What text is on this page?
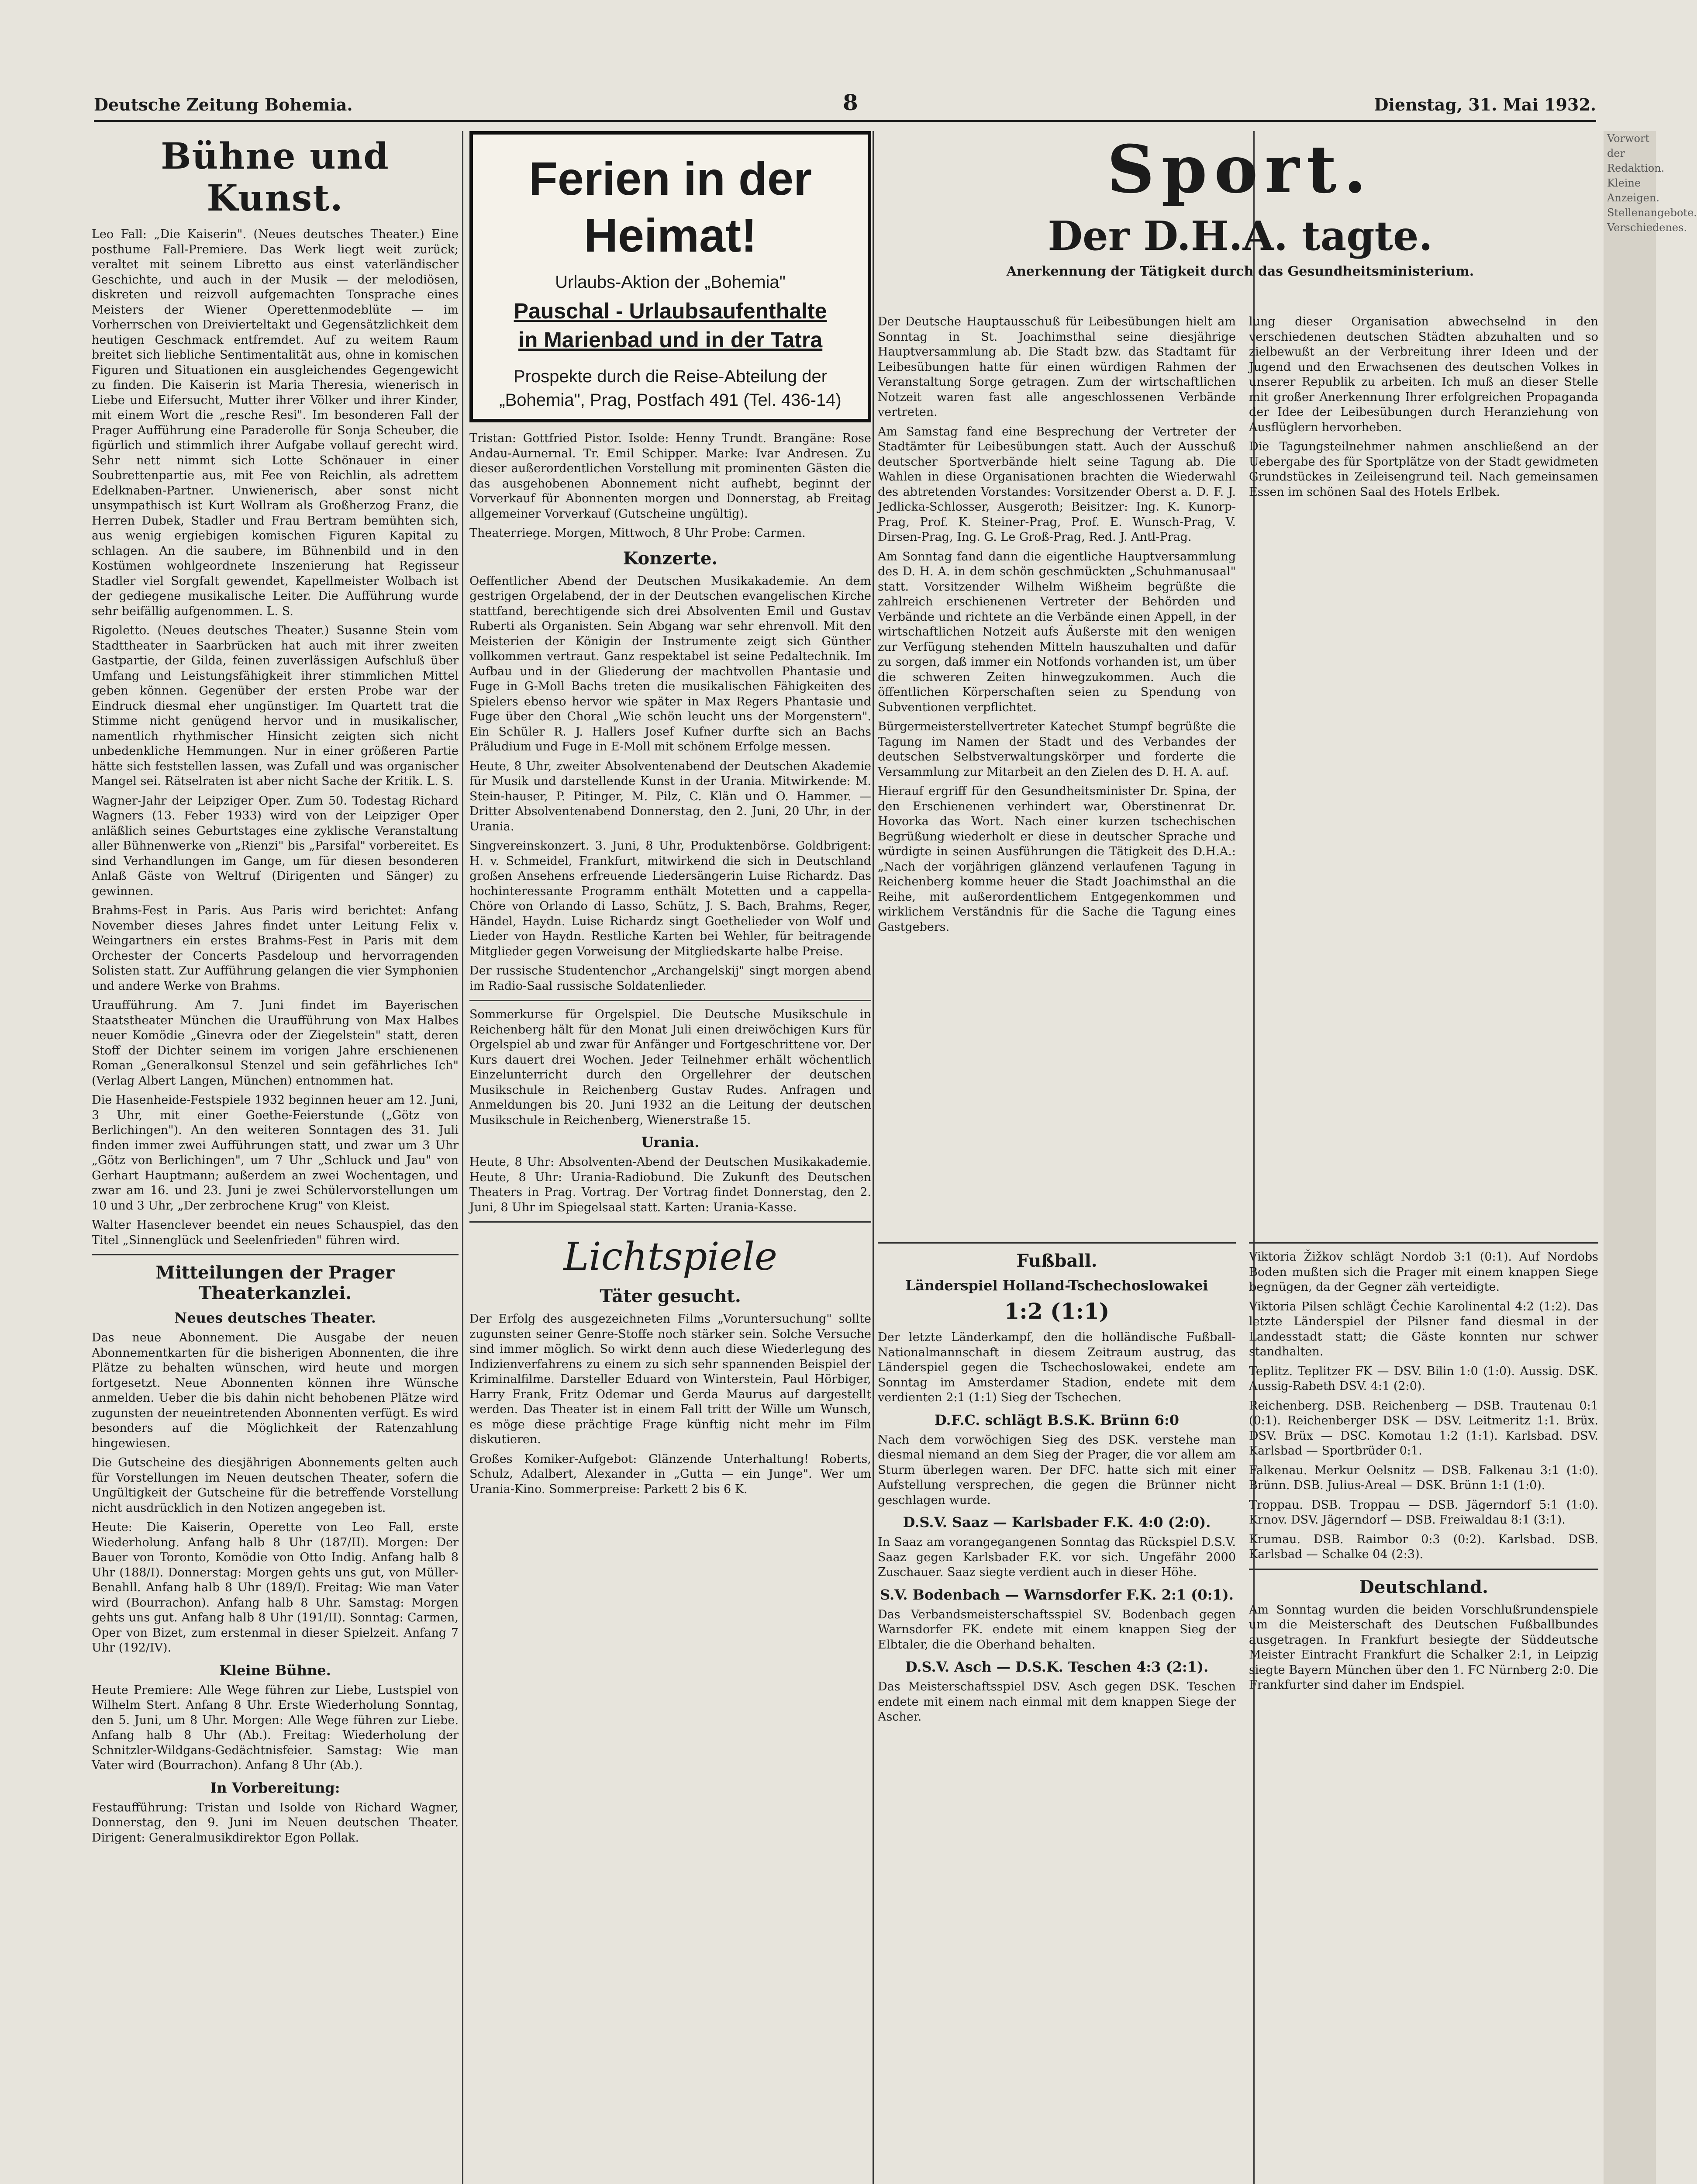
Deutsche Zeitung Bohemia.	8	Dienstag, 31. Mai 1932.
Bühne und Kunst.

Leo Fall: „Die Kaiserin". (Neues deutsches Theater.) Eine posthume Fall-Premiere. Das Werk liegt weit zurück; veraltet mit seinem Libretto aus einst vaterländischer Geschichte, und auch in der Musik — der melodiösen, diskreten und reizvoll aufgemachten Tonsprache eines Meisters der Wiener Operettenmodeblüte — im Vorherrschen von Dreivierteltakt und Gegensätzlichkeit dem heutigen Geschmack entfremdet. Auf zu weitem Raum breitet sich liebliche Sentimentalität aus, ohne in komischen Figuren und Situationen ein ausgleichendes Gegengewicht zu finden. Die Kaiserin ist Maria Theresia, wienerisch in Liebe und Eifersucht, Mutter ihrer Völker und ihrer Kinder, mit einem Wort die „resche Resi". Im besonderen Fall der Prager Aufführung eine Paraderolle für Sonja Scheuber, die figürlich und stimmlich ihrer Aufgabe vollauf gerecht wird. Sehr nett nimmt sich Lotte Schönauer in einer Soubrettenpartie aus, mit Fee von Reichlin, als adrettem Edelknaben-Partner. Unwienerisch, aber sonst nicht unsympathisch ist Kurt Wollram als Großherzog Franz, die Herren Dubek, Stadler und Frau Bertram bemühten sich, aus wenig ergiebigen komischen Figuren Kapital zu schlagen. An die saubere, im Bühnenbild und in den Kostümen wohlgeordnete Inszenierung hat Regisseur Stadler viel Sorgfalt gewendet, Kapellmeister Wolbach ist der gediegene musikalische Leiter. Die Aufführung wurde sehr beifällig aufgenommen. L. S.

Rigoletto. (Neues deutsches Theater.) Susanne Stein vom Stadttheater in Saarbrücken hat auch mit ihrer zweiten Gastpartie, der Gilda, feinen zuverlässigen Aufschluß über Umfang und Leistungsfähigkeit ihrer stimmlichen Mittel geben können. Gegenüber der ersten Probe war der Eindruck diesmal eher ungünstiger. Im Quartett trat die Stimme nicht genügend hervor und in musikalischer, namentlich rhythmischer Hinsicht zeigten sich nicht unbedenkliche Hemmungen. Nur in einer größeren Partie hätte sich feststellen lassen, was Zufall und was organischer Mangel sei. Rätselraten ist aber nicht Sache der Kritik. L. S.

Wagner-Jahr der Leipziger Oper. Zum 50. Todestag Richard Wagners (13. Feber 1933) wird von der Leipziger Oper anläßlich seines Geburtstages eine zyklische Veranstaltung aller Bühnenwerke von „Rienzi" bis „Parsifal" vorbereitet. Es sind Verhandlungen im Gange, um für diesen besonderen Anlaß Gäste von Weltruf (Dirigenten und Sänger) zu gewinnen.

Brahms-Fest in Paris. Aus Paris wird berichtet: Anfang November dieses Jahres findet unter Leitung Felix v. Weingartners ein erstes Brahms-Fest in Paris mit dem Orchester der Concerts Pasdeloup und hervorragenden Solisten statt. Zur Aufführung gelangen die vier Symphonien und andere Werke von Brahms.

Uraufführung. Am 7. Juni findet im Bayerischen Staatstheater München die Uraufführung von Max Halbes neuer Komödie „Ginevra oder der Ziegelstein" statt, deren Stoff der Dichter seinem im vorigen Jahre erschienenen Roman „Generalkonsul Stenzel und sein gefährliches Ich" (Verlag Albert Langen, München) entnommen hat.

Die Hasenheide-Festspiele 1932 beginnen heuer am 12. Juni, 3 Uhr, mit einer Goethe-Feierstunde („Götz von Berlichingen"). An den weiteren Sonntagen des 31. Juli finden immer zwei Aufführungen statt, und zwar um 3 Uhr „Götz von Berlichingen", um 7 Uhr „Schluck und Jau" von Gerhart Hauptmann; außerdem an zwei Wochentagen, und zwar am 16. und 23. Juni je zwei Schülervorstellungen um 10 und 3 Uhr, „Der zerbrochene Krug" von Kleist.

Walter Hasenclever beendet ein neues Schauspiel, das den Titel „Sinnenglück und Seelenfrieden" führen wird.

Mitteilungen der Prager Theaterkanzlei.
Neues deutsches Theater.

Das neue Abonnement. Die Ausgabe der neuen Abonnementkarten für die bisherigen Abonnenten, die ihre Plätze zu behalten wünschen, wird heute und morgen fortgesetzt. Neue Abonnenten können ihre Wünsche anmelden. Ueber die bis dahin nicht behobenen Plätze wird zugunsten der neueintretenden Abonnenten verfügt. Es wird besonders auf die Möglichkeit der Ratenzahlung hingewiesen.

Die Gutscheine des diesjährigen Abonnements gelten auch für Vorstellungen im Neuen deutschen Theater, sofern die Ungültigkeit der Gutscheine für die betreffende Vorstellung nicht ausdrücklich in den Notizen angegeben ist.

Heute: Die Kaiserin, Operette von Leo Fall, erste Wiederholung. Anfang halb 8 Uhr (187/II). Morgen: Der Bauer von Toronto, Komödie von Otto Indig. Anfang halb 8 Uhr (188/I). Donnerstag: Morgen gehts uns gut, von Müller-Benahll. Anfang halb 8 Uhr (189/I). Freitag: Wie man Vater wird (Bourrachon). Anfang halb 8 Uhr. Samstag: Morgen gehts uns gut. Anfang halb 8 Uhr (191/II). Sonntag: Carmen, Oper von Bizet, zum erstenmal in dieser Spielzeit. Anfang 7 Uhr (192/IV).

Kleine Bühne.

Heute Premiere: Alle Wege führen zur Liebe, Lustspiel von Wilhelm Stert. Anfang 8 Uhr. Erste Wiederholung Sonntag, den 5. Juni, um 8 Uhr. Morgen: Alle Wege führen zur Liebe. Anfang halb 8 Uhr (Ab.). Freitag: Wiederholung der Schnitzler-Wildgans-Gedächtnisfeier. Samstag: Wie man Vater wird (Bourrachon). Anfang 8 Uhr (Ab.).

In Vorbereitung:

Festaufführung: Tristan und Isolde von Richard Wagner, Donnerstag, den 9. Juni im Neuen deutschen Theater. Dirigent: Generalmusikdirektor Egon Pollak.

Ferien in der Heimat!
Urlaubs-Aktion der „Bohemia"
Pauschal - Urlaubsaufenthalte
in Marienbad und in der Tatra
Prospekte durch die Reise-Abteilung der „Bohemia", Prag, Postfach 491 (Tel. 436-14)

Tristan: Gottfried Pistor. Isolde: Henny Trundt. Brangäne: Rose Andau-Aurnernal. Tr. Emil Schipper. Marke: Ivar Andresen. Zu dieser außerordentlichen Vorstellung mit prominenten Gästen die das ausgehobenen Abonnement nicht aufhebt, beginnt der Vorverkauf für Abonnenten morgen und Donnerstag, ab Freitag allgemeiner Vorverkauf (Gutscheine ungültig).

Theaterriege. Morgen, Mittwoch, 8 Uhr Probe: Carmen.

Konzerte.

Oeffentlicher Abend der Deutschen Musikakademie. An dem gestrigen Orgelabend, der in der Deutschen evangelischen Kirche stattfand, berechtigende sich drei Absolventen Emil und Gustav Ruberti als Organisten. Sein Abgang war sehr ehrenvoll. Mit den Meisterien der Königin der Instrumente zeigt sich Günther vollkommen vertraut. Ganz respektabel ist seine Pedaltechnik. Im Aufbau und in der Gliederung der machtvollen Phantasie und Fuge in G-Moll Bachs treten die musikalischen Fähigkeiten des Spielers ebenso hervor wie später in Max Regers Phantasie und Fuge über den Choral „Wie schön leucht uns der Morgenstern". Ein Schüler R. J. Hallers Josef Kufner durfte sich an Bachs Präludium und Fuge in E-Moll mit schönem Erfolge messen.

Heute, 8 Uhr, zweiter Absolventenabend der Deutschen Akademie für Musik und darstellende Kunst in der Urania. Mitwirkende: M. Stein-hauser, P. Pitinger, M. Pilz, C. Klän und O. Hammer. — Dritter Absolventenabend Donnerstag, den 2. Juni, 20 Uhr, in der Urania.

Singvereinskonzert. 3. Juni, 8 Uhr, Produktenbörse. Goldbrigent: H. v. Schmeidel, Frankfurt, mitwirkend die sich in Deutschland großen Ansehens erfreuende Liedersängerin Luise Richardz. Das hochinteressante Programm enthält Motetten und a cappella-Chöre von Orlando di Lasso, Schütz, J. S. Bach, Brahms, Reger, Händel, Haydn. Luise Richardz singt Goethelieder von Wolf und Lieder von Haydn. Restliche Karten bei Wehler, für beitragende Mitglieder gegen Vorweisung der Mitgliedskarte halbe Preise.

Der russische Studentenchor „Archangelskij" singt morgen abend im Radio-Saal russische Soldatenlieder.

Sommerkurse für Orgelspiel. Die Deutsche Musikschule in Reichenberg hält für den Monat Juli einen dreiwöchigen Kurs für Orgelspiel ab und zwar für Anfänger und Fortgeschrittene vor. Der Kurs dauert drei Wochen. Jeder Teilnehmer erhält wöchentlich Einzelunterricht durch den Orgellehrer der deutschen Musikschule in Reichenberg Gustav Rudes. Anfragen und Anmeldungen bis 20. Juni 1932 an die Leitung der deutschen Musikschule in Reichenberg, Wienerstraße 15.

Urania.

Heute, 8 Uhr: Absolventen-Abend der Deutschen Musikakademie. Heute, 8 Uhr: Urania-Radiobund. Die Zukunft des Deutschen Theaters in Prag. Vortrag. Der Vortrag findet Donnerstag, den 2. Juni, 8 Uhr im Spiegelsaal statt. Karten: Urania-Kasse.

Lichtspiele
Täter gesucht.

Der Erfolg des ausgezeichneten Films „Voruntersuchung" sollte zugunsten seiner Genre-Stoffe noch stärker sein. Solche Versuche sind immer möglich. So wirkt denn auch diese Wiederlegung des Indizienverfahrens zu einem zu sich sehr spannenden Beispiel der Kriminalfilme. Darsteller Eduard von Winterstein, Paul Hörbiger, Harry Frank, Fritz Odemar und Gerda Maurus auf dargestellt werden. Das Theater ist in einem Fall tritt der Wille um Wunsch, es möge diese prächtige Frage künftig nicht mehr im Film diskutieren.

Großes Komiker-Aufgebot: Glänzende Unterhaltung! Roberts, Schulz, Adalbert, Alexander in „Gutta — ein Junge". Wer um Urania-Kino. Sommerpreise: Parkett 2 bis 6 K.

Sport.
Der D.H.A. tagte.
Anerkennung der Tätigkeit durch das Gesundheitsministerium.

Der Deutsche Hauptausschuß für Leibesübungen hielt am Sonntag in St. Joachimsthal seine diesjährige Hauptversammlung ab. Die Stadt bzw. das Stadtamt für Leibesübungen hatte für einen würdigen Rahmen der Veranstaltung Sorge getragen. Zum der wirtschaftlichen Notzeit waren fast alle angeschlossenen Verbände vertreten.

Am Samstag fand eine Besprechung der Vertreter der Stadtämter für Leibesübungen statt. Auch der Ausschuß deutscher Sportverbände hielt seine Tagung ab. Die Wahlen in diese Organisationen brachten die Wiederwahl des abtretenden Vorstandes: Vorsitzender Oberst a. D. F. J. Jedlicka-Schlosser, Ausgeroth; Beisitzer: Ing. K. Kunorp-Prag, Prof. K. Steiner-Prag, Prof. E. Wunsch-Prag, V. Dirsen-Prag, Ing. G. Le Groß-Prag, Red. J. Antl-Prag.

Am Sonntag fand dann die eigentliche Hauptversammlung des D. H. A. in dem schön geschmückten „Schuhmanusaal" statt. Vorsitzender Wilhelm Wißheim begrüßte die zahlreich erschienenen Vertreter der Behörden und Verbände und richtete an die Verbände einen Appell, in der wirtschaftlichen Notzeit aufs Äußerste mit den wenigen zur Verfügung stehenden Mitteln hauszuhalten und dafür zu sorgen, daß immer ein Notfonds vorhanden ist, um über die schweren Zeiten hinwegzukommen. Auch die öffentlichen Körperschaften seien zu Spendung von Subventionen verpflichtet.

Bürgermeisterstellvertreter Katechet Stumpf begrüßte die Tagung im Namen der Stadt und des Verbandes der deutschen Selbstverwaltungskörper und forderte die Versammlung zur Mitarbeit an den Zielen des D. H. A. auf.

Hierauf ergriff für den Gesundheitsminister Dr. Spina, der den Erschienenen verhindert war, Oberstinenrat Dr. Hovorka das Wort. Nach einer kurzen tschechischen Begrüßung wiederholt er diese in deutscher Sprache und würdigte in seinen Ausführungen die Tätigkeit des D.H.A.: „Nach der vorjährigen glänzend verlaufenen Tagung in Reichenberg komme heuer die Stadt Joachimsthal an die Reihe, mit außerordentlichem Entgegenkommen und wirklichem Verständnis für die Sache die Tagung eines Gastgebers.

lung dieser Organisation abwechselnd in den verschiedenen deutschen Städten abzuhalten und so zielbewußt an der Verbreitung ihrer Ideen und der Jugend und den Erwachsenen des deutschen Volkes in unserer Republik zu arbeiten. Ich muß an dieser Stelle mit großer Anerkennung Ihrer erfolgreichen Propaganda der Idee der Leibesübungen durch Heranziehung von Ausflüglern hervorheben.

Die Tagungsteilnehmer nahmen anschließend an der Uebergabe des für Sportplätze von der Stadt gewidmeten Grundstückes in Zeileisengrund teil. Nach gemeinsamen Essen im schönen Saal des Hotels Erlbek.

Fußball.
Länderspiel Holland-Tschechoslowakei
1:2 (1:1)

Der letzte Länderkampf, den die holländische Fußball-Nationalmannschaft in diesem Zeitraum austrug, das Länderspiel gegen die Tschechoslowakei, endete am Sonntag im Amsterdamer Stadion, endete mit dem verdienten 2:1 (1:1) Sieg der Tschechen.

D.F.C. schlägt B.S.K. Brünn 6:0

Nach dem vorwöchigen Sieg des DSK. verstehe man diesmal niemand an dem Sieg der Prager, die vor allem am Sturm überlegen waren. Der DFC. hatte sich mit einer Aufstellung versprechen, die gegen die Brünner nicht geschlagen wurde.

D.S.V. Saaz — Karlsbader F.K. 4:0 (2:0).

In Saaz am vorangegangenen Sonntag das Rückspiel D.S.V. Saaz gegen Karlsbader F.K. vor sich. Ungefähr 2000 Zuschauer. Saaz siegte verdient auch in dieser Höhe.

S.V. Bodenbach — Warnsdorfer F.K. 2:1 (0:1).

Das Verbandsmeisterschaftsspiel SV. Bodenbach gegen Warnsdorfer FK. endete mit einem knappen Sieg der Elbtaler, die die Oberhand behalten.

D.S.V. Asch — D.S.K. Teschen 4:3 (2:1).

Das Meisterschaftsspiel DSV. Asch gegen DSK. Teschen endete mit einem nach einmal mit dem knappen Siege der Ascher.

Viktoria Žižkov schlägt Nordob 3:1 (0:1). Auf Nordobs Boden mußten sich die Prager mit einem knappen Siege begnügen, da der Gegner zäh verteidigte.

Viktoria Pilsen schlägt Čechie Karolinental 4:2 (1:2). Das letzte Länderspiel der Pilsner fand diesmal in der Landesstadt statt; die Gäste konnten nur schwer standhalten.

Teplitz. Teplitzer FK — DSV. Bilin 1:0 (1:0). Aussig. DSK. Aussig-Rabeth DSV. 4:1 (2:0).

Reichenberg. DSB. Reichenberg — DSB. Trautenau 0:1 (0:1). Reichenberger DSK — DSV. Leitmeritz 1:1. Brüx. DSV. Brüx — DSC. Komotau 1:2 (1:1). Karlsbad. DSV. Karlsbad — Sportbrüder 0:1.

Falkenau. Merkur Oelsnitz — DSB. Falkenau 3:1 (1:0). Brünn. DSB. Julius-Areal — DSK. Brünn 1:1 (1:0).

Troppau. DSB. Troppau — DSB. Jägerndorf 5:1 (1:0). Krnov. DSV. Jägerndorf — DSB. Freiwaldau 8:1 (3:1).

Krumau. DSB. Raimbor 0:3 (0:2). Karlsbad. DSB. Karlsbad — Schalke 04 (2:3).

Deutschland.

Am Sonntag wurden die beiden Vorschlußrundenspiele um die Meisterschaft des Deutschen Fußballbundes ausgetragen. In Frankfurt besiegte der Süddeutsche Meister Eintracht Frankfurt die Schalker 2:1, in Leipzig siegte Bayern München über den 1. FC Nürnberg 2:0. Die Frankfurter sind daher im Endspiel.

Vorwort der Redaktion. Kleine Anzeigen. Stellenangebote. Verschiedenes.
